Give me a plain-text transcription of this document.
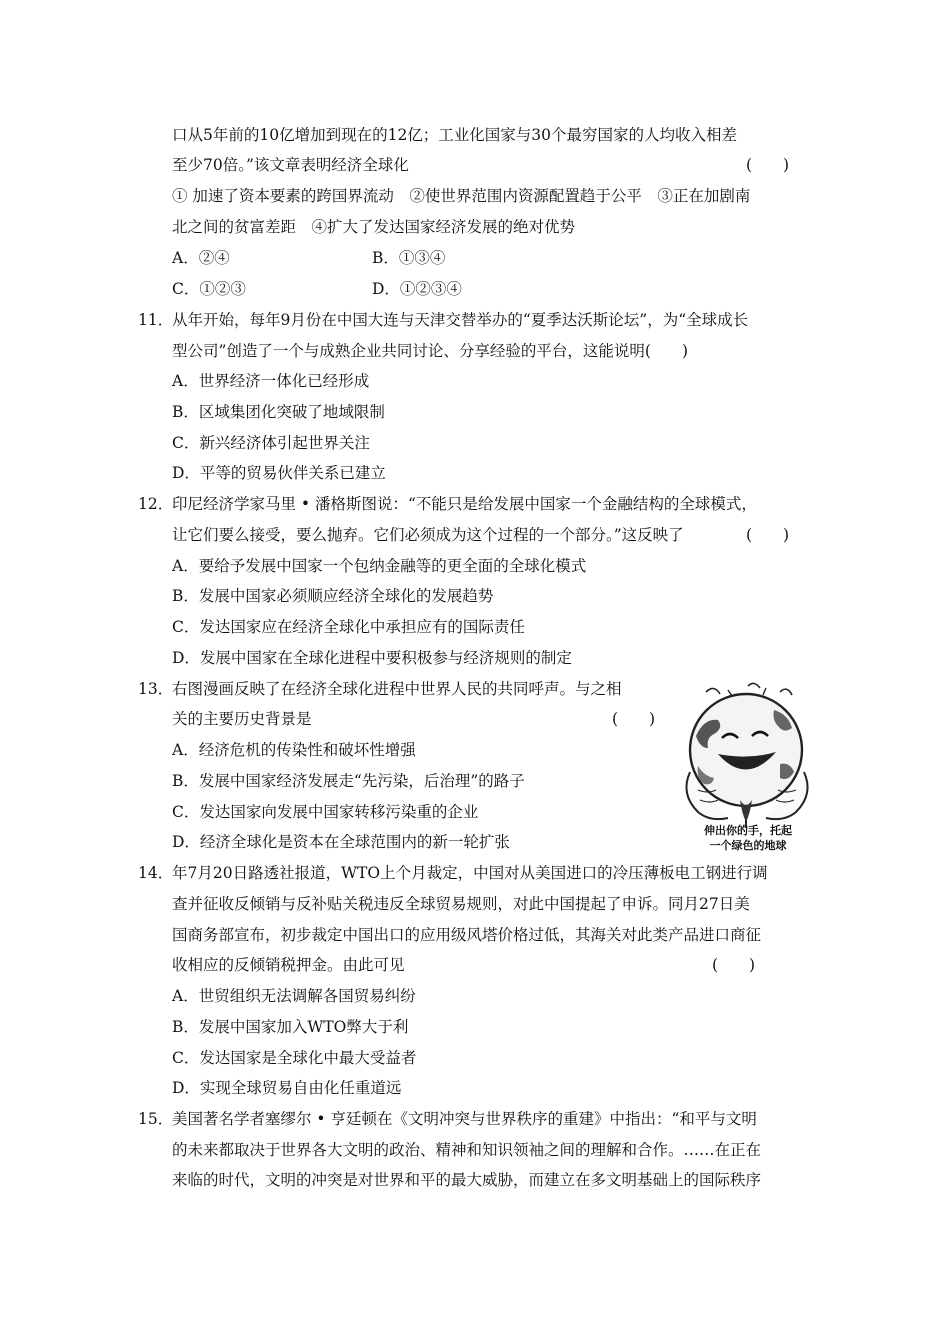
口从5年前的10亿增加到现在的12亿；工业化国家与30个最穷国家的人均收入相差
至少70倍。”该文章表明经济全球化	(　　)
① 加速了资本要素的跨国界流动　②使世界范围内资源配置趋于公平　③正在加剧南
北之间的贫富差距　④扩大了发达国家经济发展的绝对优势
A．②④	B．①③④
C．①②③	D．①②③④
11．
从年开始，每年9月份在中国大连与天津交替举办的“夏季达沃斯论坛”，为“全球成长
型公司”创造了一个与成熟企业共同讨论、分享经验的平台，这能说明(　　)
A．世界经济一体化已经形成
B．区域集团化突破了地域限制
C．新兴经济体引起世界关注
D．平等的贸易伙伴关系已建立
12．
印尼经济学家马里 • 潘格斯图说：“不能只是给发展中国家一个金融结构的全球模式，
让它们要么接受，要么抛弃。它们必须成为这个过程的一个部分。”这反映了	(　　)
A．要给予发展中国家一个包纳金融等的更全面的全球化模式
B．发展中国家必须顺应经济全球化的发展趋势
C．发达国家应在经济全球化中承担应有的国际责任
D．发展中国家在全球化进程中要积极参与经济规则的制定
13．
右图漫画反映了在经济全球化进程中世界人民的共同呼声。与之相
关的主要历史背景是	(　　)
A．经济危机的传染性和破坏性增强
B．发展中国家经济发展走“先污染，后治理”的路子
C．发达国家向发展中国家转移污染重的企业
D．经济全球化是资本在全球范围内的新一轮扩张
伸出你的手，托起
一个绿色的地球
14．
年7月20日路透社报道，WTO上个月裁定，中国对从美国进口的冷压薄板电工钢进行调
查并征收反倾销与反补贴关税违反全球贸易规则，对此中国提起了申诉。同月27日美
国商务部宣布，初步裁定中国出口的应用级风塔价格过低，其海关对此类产品进口商征
收相应的反倾销税押金。由此可见	(　　)
A．世贸组织无法调解各国贸易纠纷
B．发展中国家加入WTO弊大于利
C．发达国家是全球化中最大受益者
D．实现全球贸易自由化任重道远
15．
美国著名学者塞缪尔 • 亨廷顿在《文明冲突与世界秩序的重建》中指出：“和平与文明
的未来都取决于世界各大文明的政治、精神和知识领袖之间的理解和合作。……在正在
来临的时代，文明的冲突是对世界和平的最大威胁，而建立在多文明基础上的国际秩序
